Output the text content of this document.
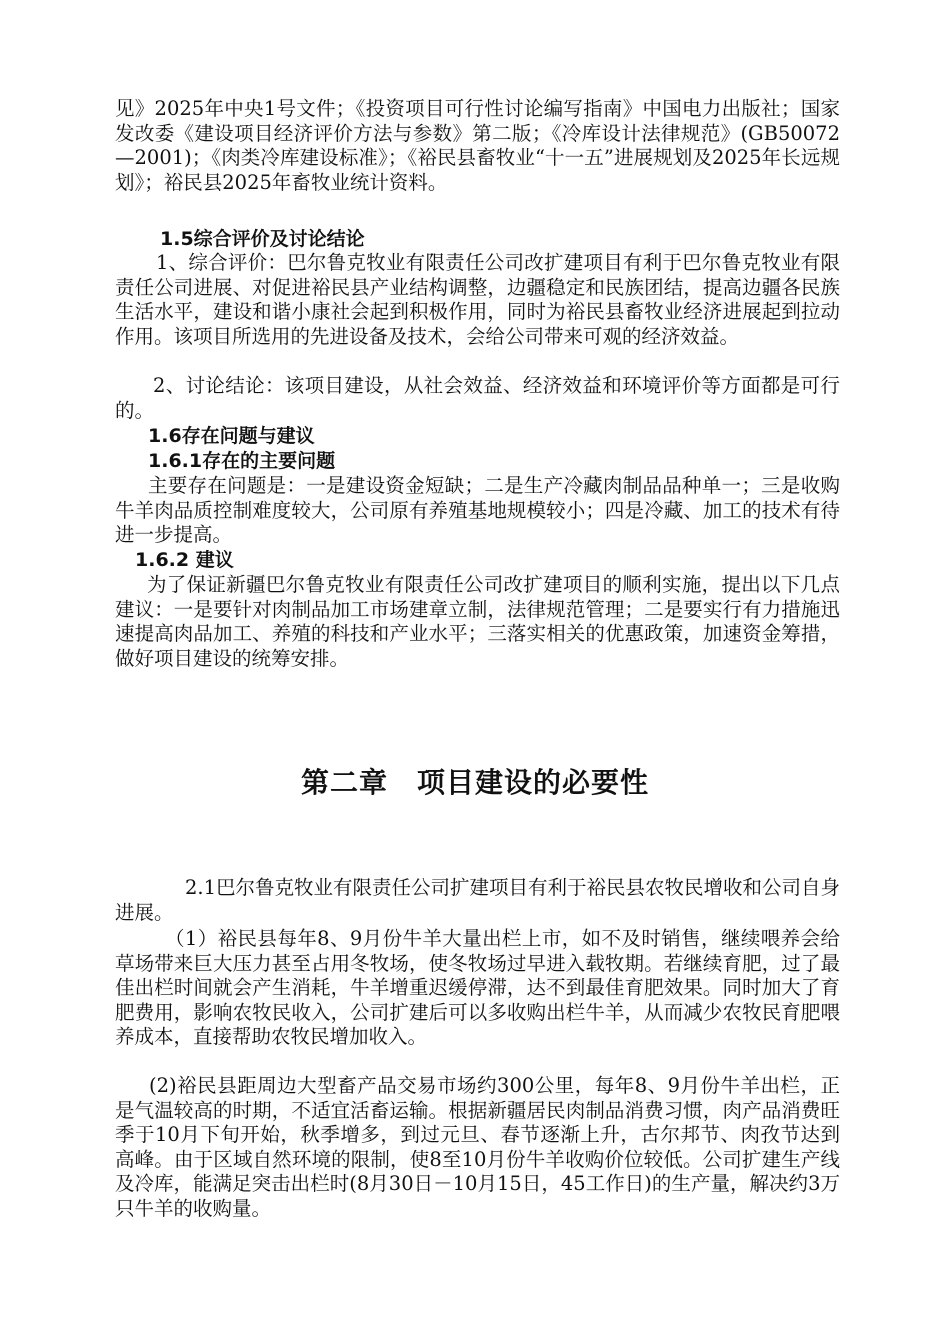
见》2025年中央1号文件；《投资项目可行性讨论编写指南》中国电力出版社；国家发改委《建设项目经济评价方法与参数》第二版；《冷库设计法律规范》(GB50072—2001)；《肉类冷库建设标准》；《裕民县畜牧业“十一五”进展规划及2025年长远规划》；裕民县2025年畜牧业统计资料。

1.5综合评价及讨论结论

1、综合评价：巴尔鲁克牧业有限责任公司改扩建项目有利于巴尔鲁克牧业有限责任公司进展、对促进裕民县产业结构调整，边疆稳定和民族团结，提高边疆各民族生活水平，建设和谐小康社会起到积极作用，同时为裕民县畜牧业经济进展起到拉动作用。该项目所选用的先进设备及技术，会给公司带来可观的经济效益。

2、讨论结论：该项目建设，从社会效益、经济效益和环境评价等方面都是可行的。

1.6存在问题与建议

1.6.1存在的主要问题

主要存在问题是：一是建设资金短缺；二是生产冷藏肉制品品种单一；三是收购牛羊肉品质控制难度较大，公司原有养殖基地规模较小；四是冷藏、加工的技术有待进一步提高。

1.6.2 建议

为了保证新疆巴尔鲁克牧业有限责任公司改扩建项目的顺利实施，提出以下几点建议：一是要针对肉制品加工市场建章立制，法律规范管理；二是要实行有力措施迅速提高肉品加工、养殖的科技和产业水平；三落实相关的优惠政策，加速资金筹措，做好项目建设的统筹安排。

第二章　项目建设的必要性

2.1巴尔鲁克牧业有限责任公司扩建项目有利于裕民县农牧民增收和公司自身进展。

（1）裕民县每年8、9月份牛羊大量出栏上市，如不及时销售，继续喂养会给草场带来巨大压力甚至占用冬牧场，使冬牧场过早进入载牧期。若继续育肥，过了最佳出栏时间就会产生消耗，牛羊增重迟缓停滞，达不到最佳育肥效果。同时加大了育肥费用，影响农牧民收入，公司扩建后可以多收购出栏牛羊，从而减少农牧民育肥喂养成本，直接帮助农牧民增加收入。

(2)裕民县距周边大型畜产品交易市场约300公里，每年8、9月份牛羊出栏，正是气温较高的时期，不适宜活畜运输。根据新疆居民肉制品消费习惯，肉产品消费旺季于10月下旬开始，秋季增多，到过元旦、春节逐渐上升，古尔邦节、肉孜节达到高峰。由于区域自然环境的限制，使8至10月份牛羊收购价位较低。公司扩建生产线及冷库，能满足突击出栏时(8月30日－10月15日，45工作日)的生产量，解决约3万只牛羊的收购量。
